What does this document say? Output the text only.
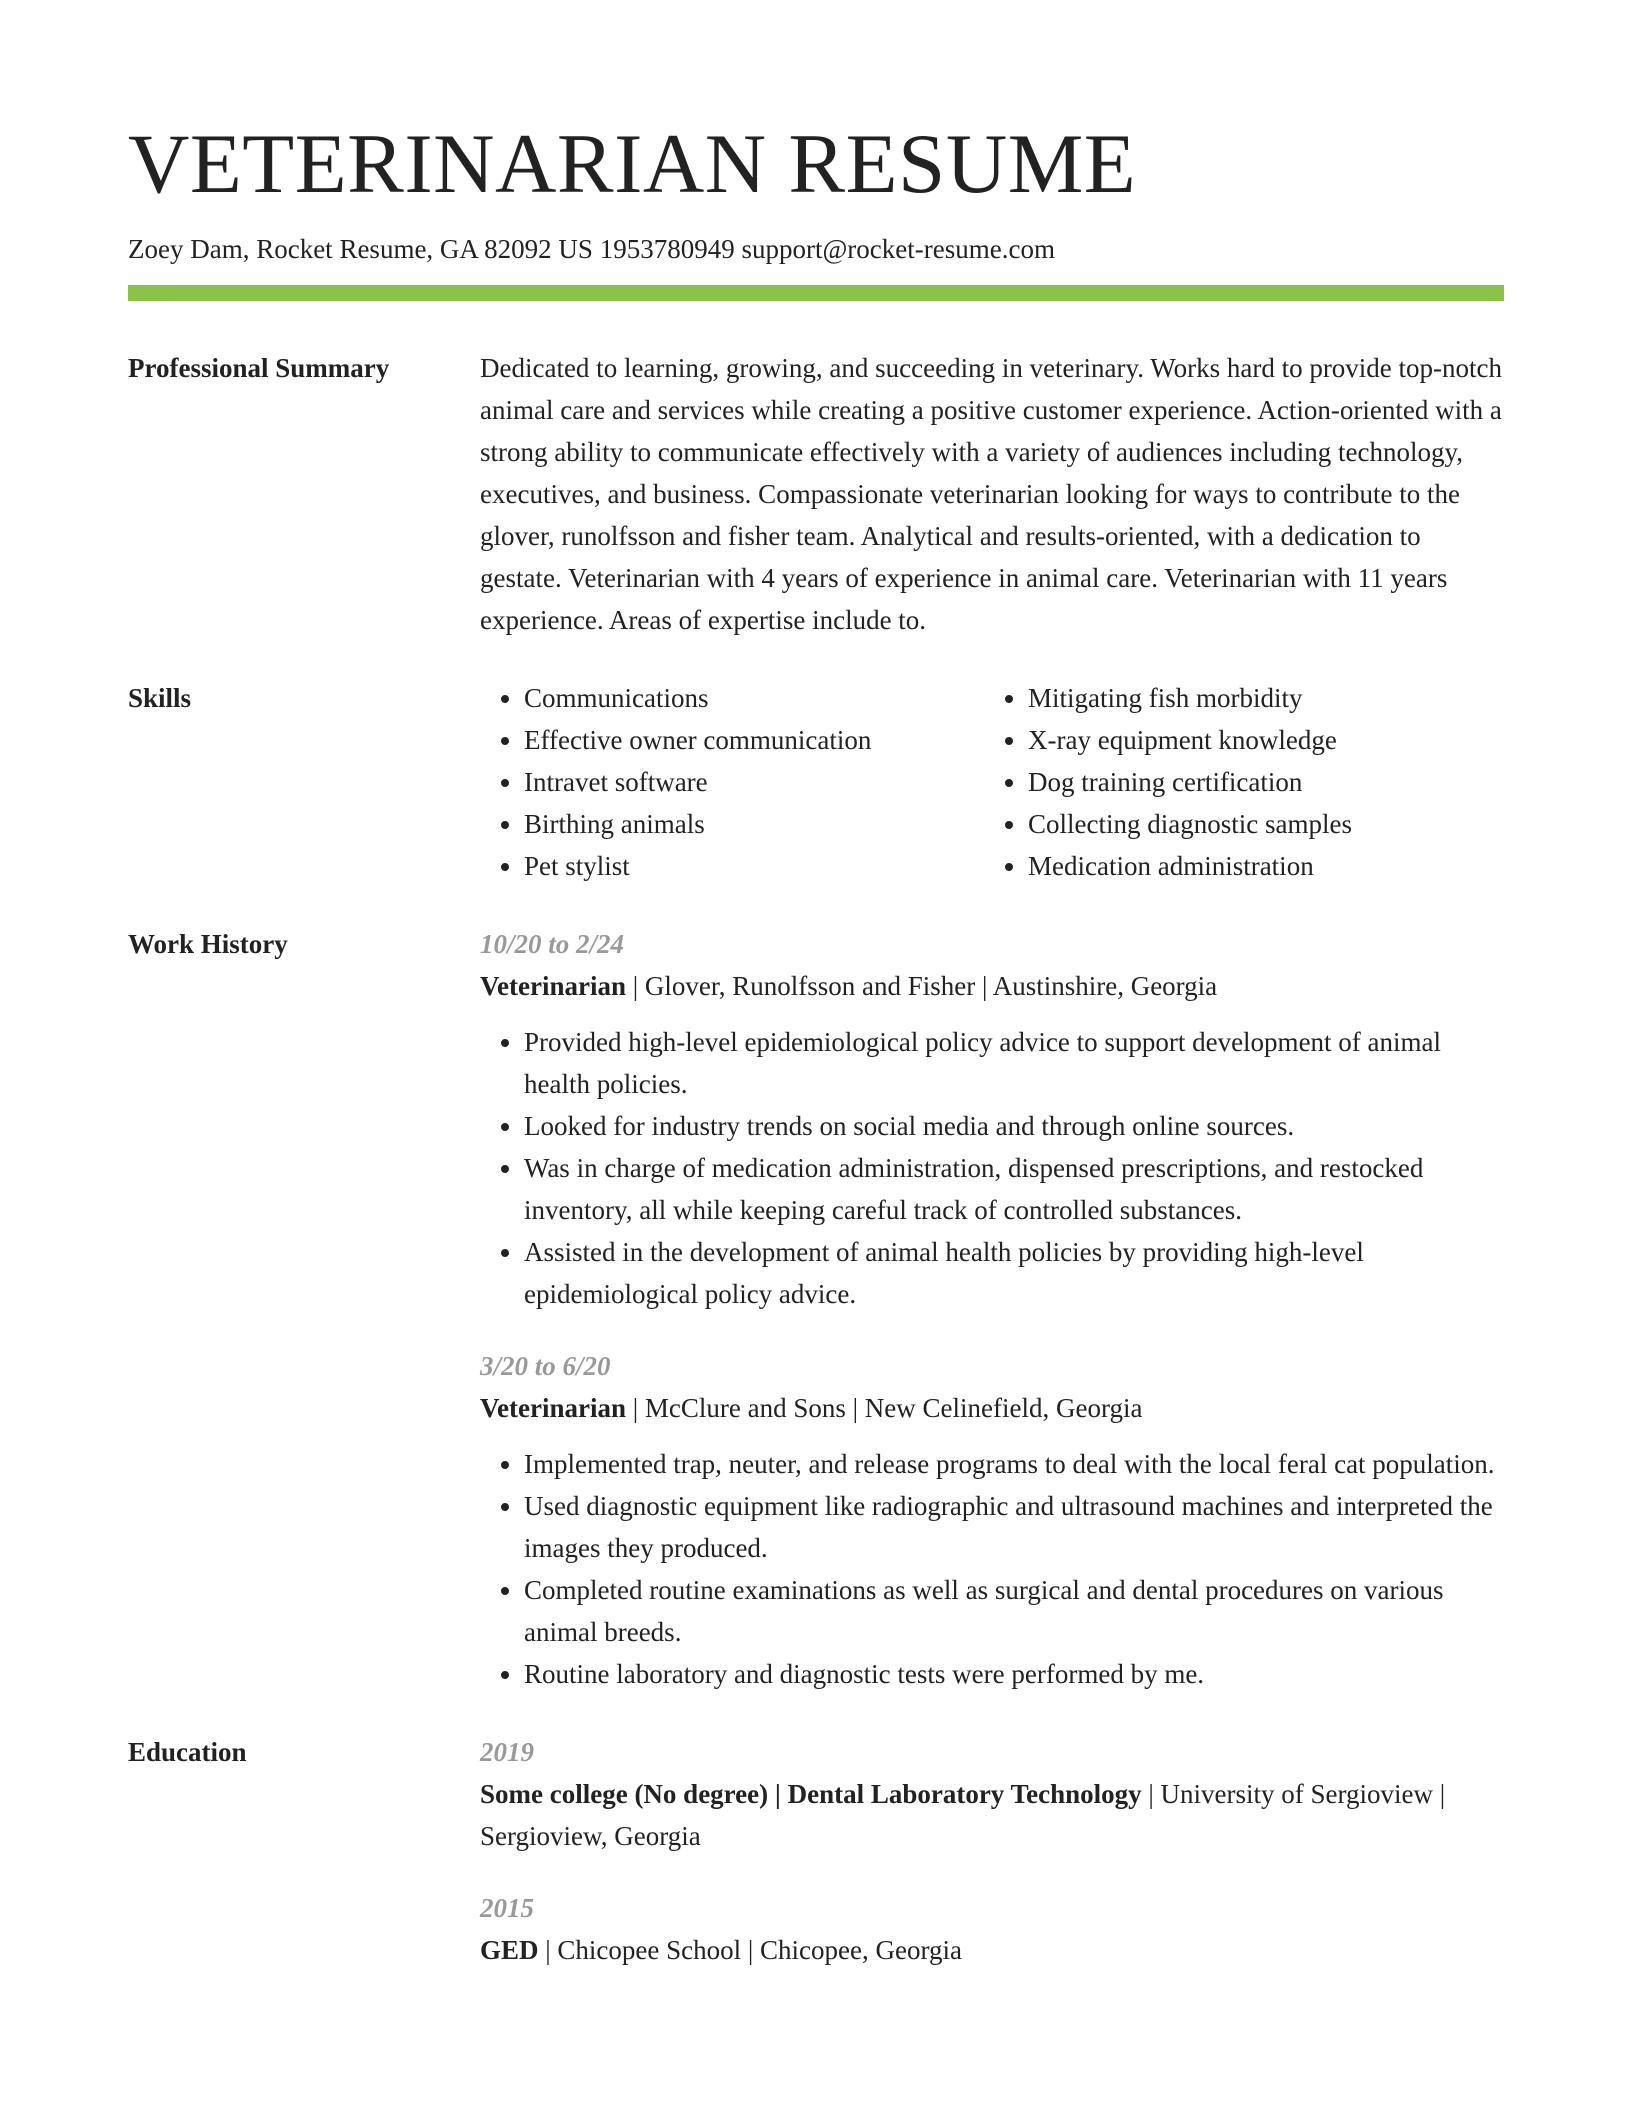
VETERINARIAN RESUME
Zoey Dam, Rocket Resume, GA 82092 US 1953780949 support@rocket-resume.com
Professional Summary	Dedicated to learning, growing, and succeeding in veterinary. Works hard to provide top-notch animal care and services while creating a positive customer experience. Action-oriented with a strong ability to communicate effectively with a variety of audiences including technology, executives, and business. Compassionate veterinarian looking for ways to contribute to the glover, runolfsson and fisher team. Analytical and results-oriented, with a dedication to gestate. Veterinarian with 4 years of experience in animal care. Veterinarian with 11 years experience. Areas of expertise include to.

Skills
•	Communications
• Effective owner communication
• Intravet software
• Birthing animals
• Pet stylist
• Mitigating fish morbidity
• X-ray equipment knowledge
• Dog training certification
• Collecting diagnostic samples
• Medication administration
Work History	10/20 to 2/24
Veterinarian | Glover, Runolfsson and Fisher | Austinshire, Georgia
• Provided high-level epidemiological policy advice to support development of animal health policies.
• Looked for industry trends on social media and through online sources.
• Was in charge of medication administration, dispensed prescriptions, and restocked inventory, all while keeping careful track of controlled substances.
• Assisted in the development of animal health policies by providing high-level epidemiological policy advice.
3/20 to 6/20
Veterinarian | McClure and Sons | New Celinefield, Georgia
• Implemented trap, neuter, and release programs to deal with the local feral cat population.
• Used diagnostic equipment like radiographic and ultrasound machines and interpreted the images they produced.
• Completed routine examinations as well as surgical and dental procedures on various animal breeds.
• Routine laboratory and diagnostic tests were performed by me.
Education	2019
Some college (No degree) | Dental Laboratory Technology | University of Sergioview | Sergioview, Georgia
2015
GED | Chicopee School | Chicopee, Georgia
